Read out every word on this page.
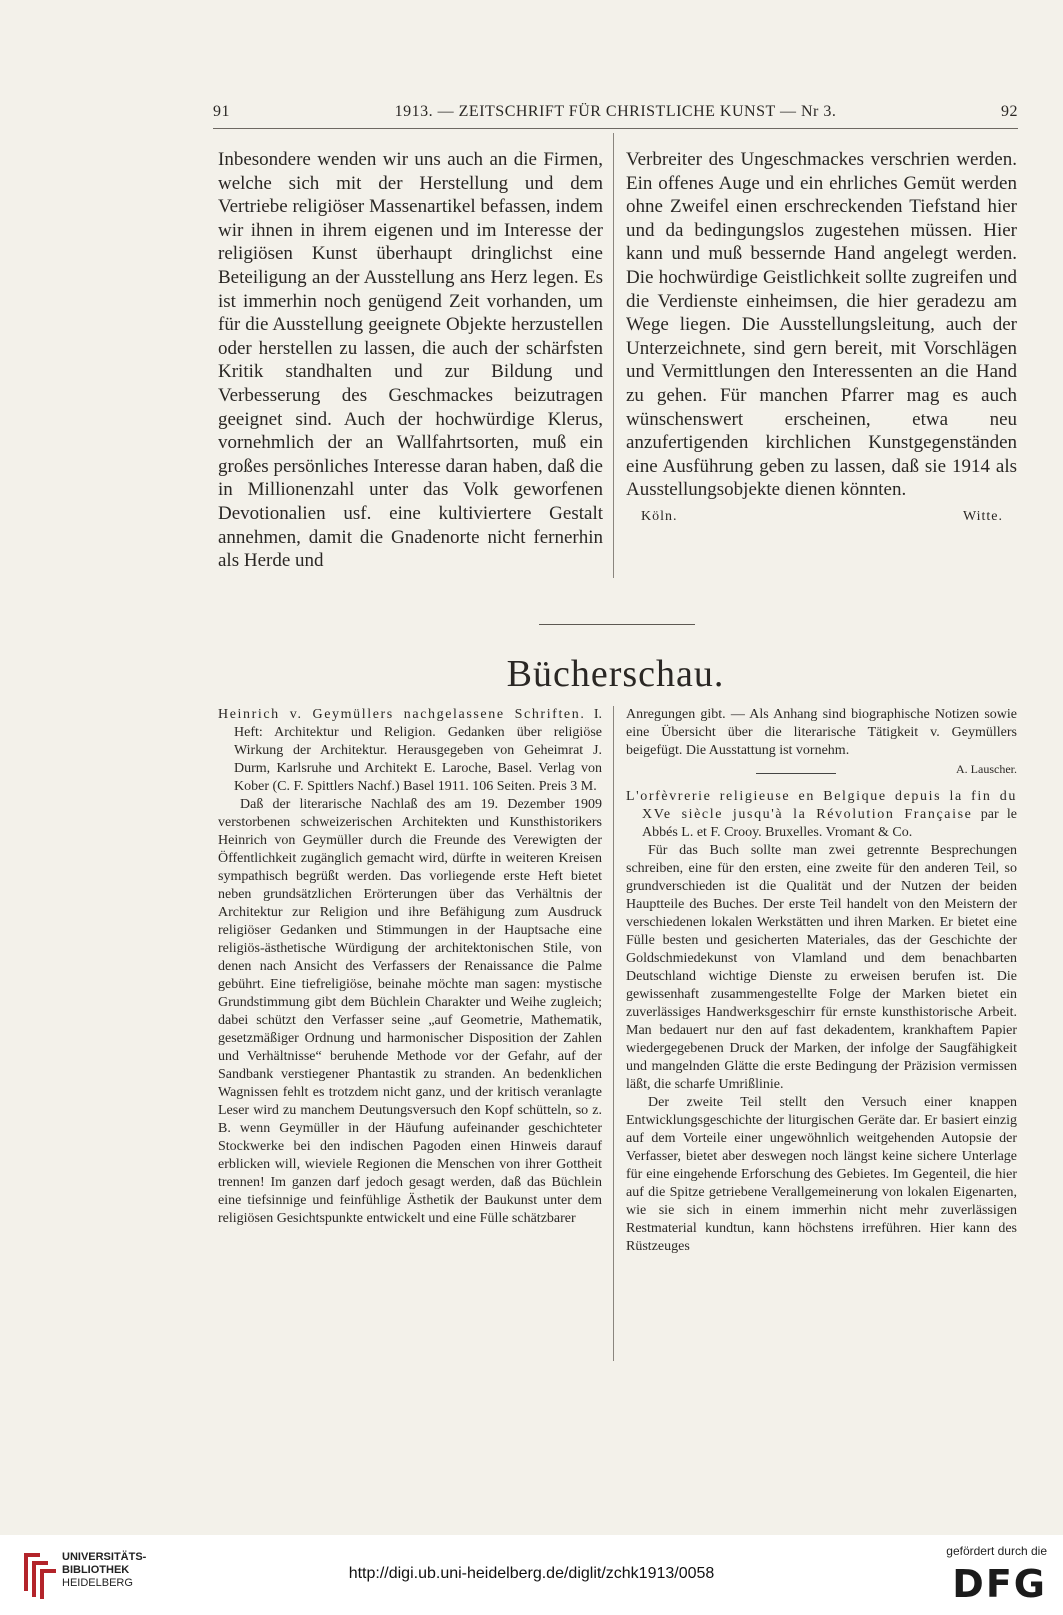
91	1913. — ZEITSCHRIFT FÜR CHRISTLICHE KUNST — Nr 3.	92

Inbesondere wenden wir uns auch an die Firmen, welche sich mit der Herstellung und dem Vertriebe religiöser Massenartikel befassen, indem wir ihnen in ihrem eigenen und im Interesse der religiösen Kunst überhaupt dringlichst eine Beteiligung an der Ausstellung ans Herz legen. Es ist immerhin noch genügend Zeit vorhanden, um für die Ausstellung geeignete Objekte herzustellen oder herstellen zu lassen, die auch der schärfsten Kritik standhalten und zur Bildung und Verbesserung des Geschmackes beizutragen geeignet sind. Auch der hochwürdige Klerus, vornehmlich der an Wallfahrtsorten, muß ein großes persönliches Interesse daran haben, daß die in Millionenzahl unter das Volk geworfenen Devotionalien usf. eine kultiviertere Gestalt annehmen, damit die Gnadenorte nicht fernerhin als Herde und

Verbreiter des Ungeschmackes verschrien werden. Ein offenes Auge und ein ehrliches Gemüt werden ohne Zweifel einen erschreckenden Tiefstand hier und da bedingungslos zugestehen müssen. Hier kann und muß bessernde Hand angelegt werden. Die hochwürdige Geistlichkeit sollte zugreifen und die Verdienste einheimsen, die hier geradezu am Wege liegen. Die Ausstellungsleitung, auch der Unterzeichnete, sind gern bereit, mit Vorschlägen und Vermittlungen den Interessenten an die Hand zu gehen. Für manchen Pfarrer mag es auch wünschenswert erscheinen, etwa neu anzufertigenden kirchlichen Kunstgegenständen eine Ausführung geben zu lassen, daß sie 1914 als Ausstellungsobjekte dienen könnten.

Köln.	Witte.
Bücherschau.

Heinrich v. Geymüllers nachgelassene Schriften. I. Heft: Architektur und Religion. Gedanken über religiöse Wirkung der Architektur. Herausgegeben von Geheimrat J. Durm, Karlsruhe und Architekt E. Laroche, Basel. Verlag von Kober (C. F. Spittlers Nachf.) Basel 1911. 106 Seiten. Preis 3 M.

Daß der literarische Nachlaß des am 19. Dezember 1909 verstorbenen schweizerischen Architekten und Kunsthistorikers Heinrich von Geymüller durch die Freunde des Verewigten der Öffentlichkeit zugänglich gemacht wird, dürfte in weiteren Kreisen sympathisch begrüßt werden. Das vorliegende erste Heft bietet neben grundsätzlichen Erörterungen über das Verhältnis der Architektur zur Religion und ihre Befähigung zum Ausdruck religiöser Gedanken und Stimmungen in der Hauptsache eine religiös-ästhetische Würdigung der architektonischen Stile, von denen nach Ansicht des Verfassers der Renaissance die Palme gebührt. Eine tiefreligiöse, beinahe möchte man sagen: mystische Grundstimmung gibt dem Büchlein Charakter und Weihe zugleich; dabei schützt den Verfasser seine „auf Geometrie, Mathematik, gesetzmäßiger Ordnung und harmonischer Disposition der Zahlen und Verhältnisse“ beruhende Methode vor der Gefahr, auf der Sandbank verstiegener Phantastik zu stranden. An bedenklichen Wagnissen fehlt es trotzdem nicht ganz, und der kritisch veranlagte Leser wird zu manchem Deutungsversuch den Kopf schütteln, so z. B. wenn Geymüller in der Häufung aufeinander geschichteter Stockwerke bei den indischen Pagoden einen Hinweis darauf erblicken will, wieviele Regionen die Menschen von ihrer Gottheit trennen! Im ganzen darf jedoch gesagt werden, daß das Büchlein eine tiefsinnige und feinfühlige Ästhetik der Baukunst unter dem religiösen Gesichtspunkte entwickelt und eine Fülle schätzbarer

Anregungen gibt. — Als Anhang sind biographische Notizen sowie eine Übersicht über die literarische Tätigkeit v. Geymüllers beigefügt. Die Ausstattung ist vornehm.

A. Lauscher.

L'orfèvrerie religieuse en Belgique depuis la fin du XVe siècle jusqu'à la Révolution Française par le Abbés L. et F. Crooy. Bruxelles. Vromant & Co.

Für das Buch sollte man zwei getrennte Besprechungen schreiben, eine für den ersten, eine zweite für den anderen Teil, so grundverschieden ist die Qualität und der Nutzen der beiden Hauptteile des Buches. Der erste Teil handelt von den Meistern der verschiedenen lokalen Werkstätten und ihren Marken. Er bietet eine Fülle besten und gesicherten Materiales, das der Geschichte der Goldschmiedekunst von Vlamland und dem benachbarten Deutschland wichtige Dienste zu erweisen berufen ist. Die gewissenhaft zusammengestellte Folge der Marken bietet ein zuverlässiges Handwerksgeschirr für ernste kunsthistorische Arbeit. Man bedauert nur den auf fast dekadentem, krankhaftem Papier wiedergegebenen Druck der Marken, der infolge der Saugfähigkeit und mangelnden Glätte die erste Bedingung der Präzision vermissen läßt, die scharfe Umrißlinie.

Der zweite Teil stellt den Versuch einer knappen Entwicklungsgeschichte der liturgischen Geräte dar. Er basiert einzig auf dem Vorteile einer ungewöhnlich weitgehenden Autopsie der Verfasser, bietet aber deswegen noch längst keine sichere Unterlage für eine eingehende Erforschung des Gebietes. Im Gegenteil, die hier auf die Spitze getriebene Verallgemeinerung von lokalen Eigenarten, wie sie sich in einem immerhin nicht mehr zuverlässigen Restmaterial kundtun, kann höchstens irreführen. Hier kann des Rüstzeuges

UNIVERSITÄTS-
BIBLIOTHEK
HEIDELBERG
http://digi.ub.uni-heidelberg.de/diglit/zchk1913/0058
gefördert durch die
DFG
